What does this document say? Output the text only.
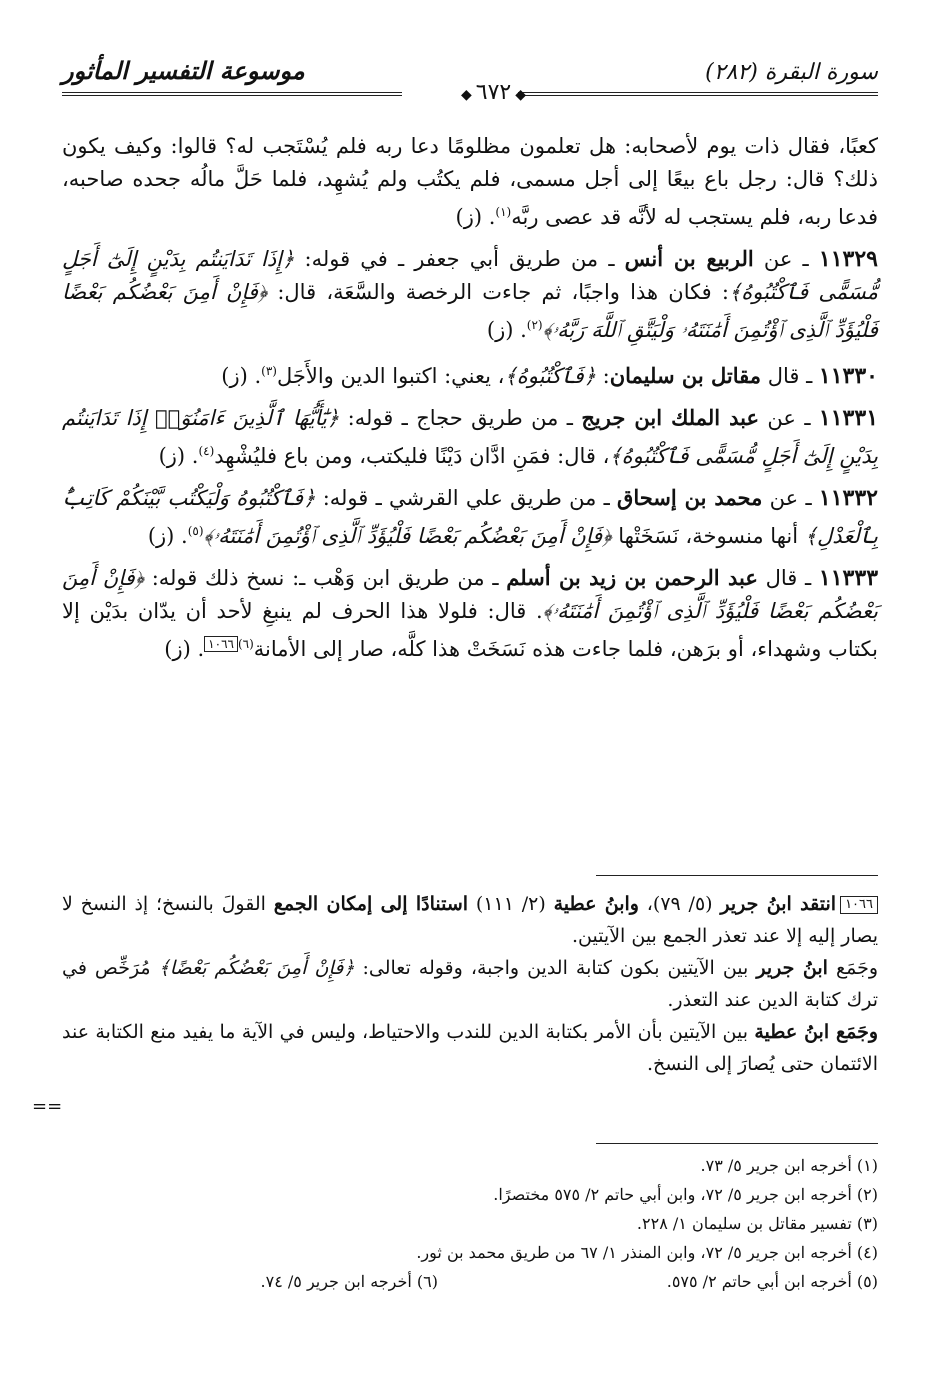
سورة البقرة (٢٨٢)
موسوعة التفسير المأثور
◆٦٧٢◆

كعبًا، فقال ذات يوم لأصحابه: هل تعلمون مظلومًا دعا ربه فلم يُسْتَجب له؟ قالوا: وكيف يكون ذلك؟ قال: رجل باع بيعًا إلى أجل مسمى، فلم يكتُب ولم يُشهِد، فلما حَلَّ مالُه جحده صاحبه، فدعا ربه، فلم يستجب له لأنَّه قد عصى ربَّه$^{(١)}$. (ز)

١١٣٢٩ ـ عن الربيع بن أنس ـ من طريق أبي جعفر ـ في قوله: ﴿إِذَا تَدَايَنتُم بِدَيْنٍ إِلَىٰٓ أَجَلٍ مُّسَمًّى فَٱكْتُبُوهُ﴾: فكان هذا واجبًا، ثم جاءت الرخصة والسَّعَة، قال: ﴿فَإِنْ أَمِنَ بَعْضُكُم بَعْضًا فَلْيُؤَدِّ ٱلَّذِى ٱؤْتُمِنَ أَمَٰنَتَهُۥ وَلْيَتَّقِ ٱللَّهَ رَبَّهُۥ﴾$^{(٢)}$. (ز)

١١٣٣٠ ـ قال مقاتل بن سليمان: ﴿فَٱكْتُبُوهُ﴾، يعني: اكتبوا الدين والأَجَل$^{(٣)}$. (ز)

١١٣٣١ ـ عن عبد الملك ابن جريج ـ من طريق حجاج ـ قوله: ﴿يَٰٓأَيُّهَا ٱلَّذِينَ ءَامَنُوٓا۟ إِذَا تَدَايَنتُم بِدَيْنٍ إِلَىٰٓ أَجَلٍ مُّسَمًّى فَٱكْتُبُوهُ﴾، قال: فمَنِ ادَّان دَيْنًا فليكتب، ومن باع فليُشْهِد$^{(٤)}$. (ز)

١١٣٣٢ ـ عن محمد بن إسحاق ـ من طريق علي القرشي ـ قوله: ﴿فَٱكْتُبُوهُ وَلْيَكْتُب بَّيْنَكُمْ كَاتِبٌۢ بِٱلْعَدْلِ﴾ أنها منسوخة، نَسَخَتْها ﴿فَإِنْ أَمِنَ بَعْضُكُم بَعْضًا فَلْيُؤَدِّ ٱلَّذِى ٱؤْتُمِنَ أَمَٰنَتَهُۥ﴾$^{(٥)}$. (ز)

١١٣٣٣ ـ قال عبد الرحمن بن زيد بن أسلم ـ من طريق ابن وَهْب ـ: نسخ ذلك قوله: ﴿فَإِنْ أَمِنَ بَعْضُكُم بَعْضًا فَلْيُؤَدِّ ٱلَّذِى ٱؤْتُمِنَ أَمَٰنَتَهُۥ﴾. قال: فلولا هذا الحرف لم ينبغِ لأحد أن يدّان بدَيْن إلا بكتاب وشهداء، أو برَهن، فلما جاءت هذه نَسَخَتْ هذا كلَّه، صار إلى الأمانة$^{(٦)}$١٠٦٦. (ز)

١٠٦٦انتقد ابنُ جرير (٥/ ٧٩)، وابنُ عطية (٢/ ١١١) استنادًا إلى إمكان الجمع القولَ بالنسخ؛ إذ النسخ لا يصار إليه إلا عند تعذر الجمع بين الآيتين.

وجَمَع ابنُ جرير بين الآيتين بكون كتابة الدين واجبة، وقوله تعالى: ﴿فَإِنْ أَمِنَ بَعْضُكُم بَعْضًا﴾ مُرَخِّص في ترك كتابة الدين عند التعذر.

وجَمَع ابنُ عطية بين الآيتين بأن الأمر بكتابة الدين للندب والاحتياط، وليس في الآية ما يفيد منع الكتابة عند الائتمان حتى يُصارَ إلى النسخ.

==

(١) أخرجه ابن جرير ٥/ ٧٣.

(٢) أخرجه ابن جرير ٥/ ٧٢، وابن أبي حاتم ٢/ ٥٧٥ مختصرًا.

(٣) تفسير مقاتل بن سليمان ١/ ٢٢٨.

(٤) أخرجه ابن جرير ٥/ ٧٢، وابن المنذر ١/ ٦٧ من طريق محمد بن ثور.

(٥) أخرجه ابن أبي حاتم ٢/ ٥٧٥.
(٦) أخرجه ابن جرير ٥/ ٧٤.
